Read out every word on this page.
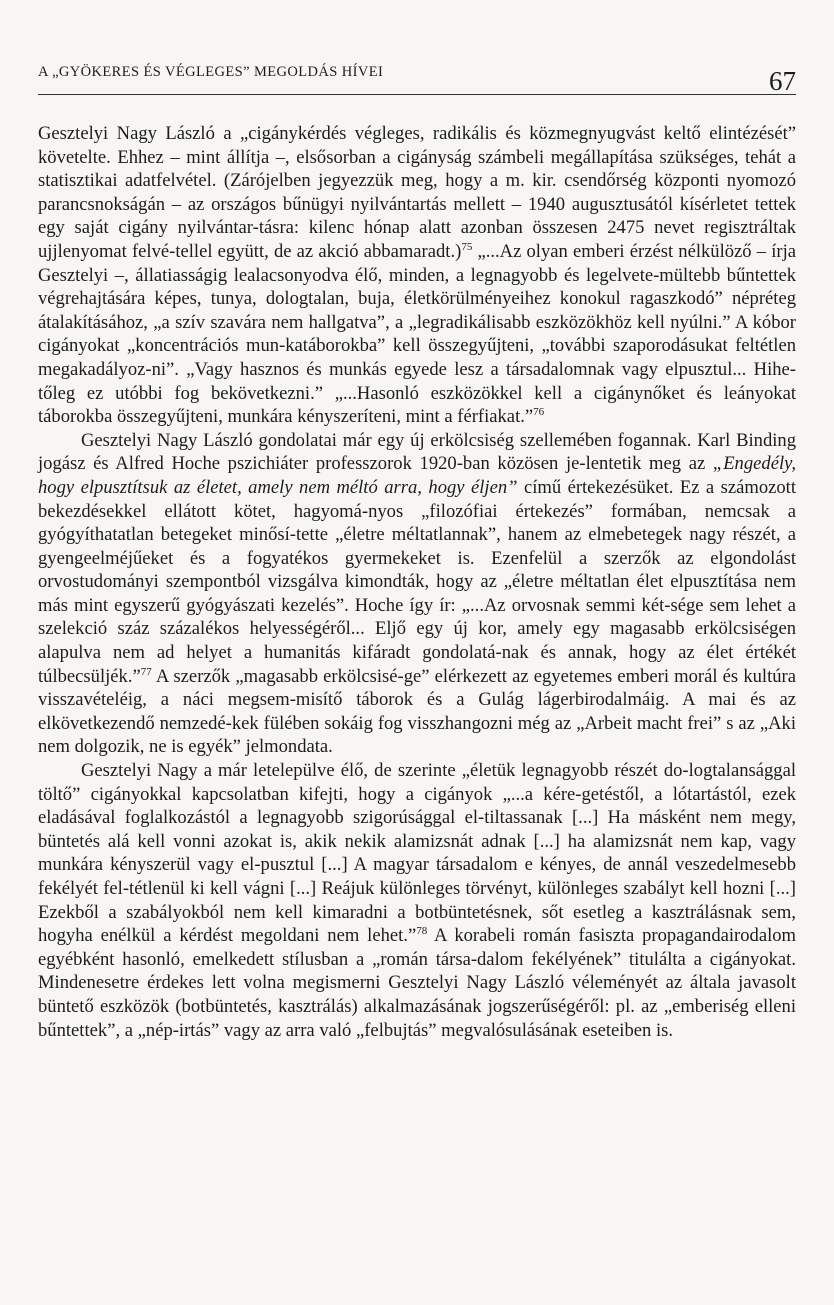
A „GYÖKERES ÉS VÉGLEGES” MEGOLDÁS HÍVEI	67

Gesztelyi Nagy László a „cigánykérdés végleges, radikális és közmegnyugvást keltő elintézését” követelte. Ehhez – mint állítja –, elsősorban a cigányság számbeli megállapítása szükséges, tehát a statisztikai adatfelvétel. (Zárójelben jegyezzük meg, hogy a m. kir. csendőrség központi nyomozó parancsnokságán – az országos bűnügyi nyilvántartás mellett – 1940 augusztusától kísérletet tettek egy saját cigány nyilvántar-tásra: kilenc hónap alatt azonban összesen 2475 nevet regisztráltak ujjlenyomat felvé-tellel együtt, de az akció abbamaradt.)$^{75}$ „...Az olyan emberi érzést nélkülöző – írja Gesztelyi –, állatiasságig lealacsonyodva élő, minden, a legnagyobb és legelvete-mültebb bűntettek végrehajtására képes, tunya, dologtalan, buja, életkörülményeihez konokul ragaszkodó” népréteg átalakításához, „a szív szavára nem hallgatva”, a „legradikálisabb eszközökhöz kell nyúlni.” A kóbor cigányokat „koncentrációs mun-katáborokba” kell összegyűjteni, „további szaporodásukat feltétlen megakadályoz-ni”. „Vagy hasznos és munkás egyede lesz a társadalomnak vagy elpusztul... Hihe-tőleg ez utóbbi fog bekövetkezni.” „...Hasonló eszközökkel kell a cigánynőket és leányokat táborokba összegyűjteni, munkára kényszeríteni, mint a férfiakat.”$^{76}$

Gesztelyi Nagy László gondolatai már egy új erkölcsiség szellemében fogannak. Karl Binding jogász és Alfred Hoche pszichiáter professzorok 1920-ban közösen je-lentetik meg az „Engedély, hogy elpusztítsuk az életet, amely nem méltó arra, hogy éljen” című értekezésüket. Ez a számozott bekezdésekkel ellátott kötet, hagyomá-nyos „filozófiai értekezés” formában, nemcsak a gyógyíthatatlan betegeket minősí-tette „életre méltatlannak”, hanem az elmebetegek nagy részét, a gyengeelméjűeket és a fogyatékos gyermekeket is. Ezenfelül a szerzők az elgondolást orvostudományi szempontból vizsgálva kimondták, hogy az „életre méltatlan élet elpusztítása nem más mint egyszerű gyógyászati kezelés”. Hoche így ír: „...Az orvosnak semmi két-sége sem lehet a szelekció száz százalékos helyességéről... Eljő egy új kor, amely egy magasabb erkölcsiségen alapulva nem ad helyet a humanitás kifáradt gondolatá-nak és annak, hogy az élet értékét túlbecsüljék.”$^{77}$ A szerzők „magasabb erkölcsisé-ge” elérkezett az egyetemes emberi morál és kultúra visszavételéig, a náci megsem-misítő táborok és a Gulág lágerbirodalmáig. A mai és az elkövetkezendő nemzedé-kek fülében sokáig fog visszhangozni még az „Arbeit macht frei” s az „Aki nem dolgozik, ne is egyék” jelmondata.

Gesztelyi Nagy a már letelepülve élő, de szerinte „életük legnagyobb részét do-logtalansággal töltő” cigányokkal kapcsolatban kifejti, hogy a cigányok „...a kére-getéstől, a lótartástól, ezek eladásával foglalkozástól a legnagyobb szigorúsággal el-tiltassanak [...] Ha másként nem megy, büntetés alá kell vonni azokat is, akik nekik alamizsnát adnak [...] ha alamizsnát nem kap, vagy munkára kényszerül vagy el-pusztul [...] A magyar társadalom e kényes, de annál veszedelmesebb fekélyét fel-tétlenül ki kell vágni [...] Reájuk különleges törvényt, különleges szabályt kell hozni [...] Ezekből a szabályokból nem kell kimaradni a botbüntetésnek, sőt esetleg a kasztrálásnak sem, hogyha enélkül a kérdést megoldani nem lehet.”$^{78}$ A korabeli román fasiszta propagandairodalom egyébként hasonló, emelkedett stílusban a „román társa-dalom fekélyének” titulálta a cigányokat. Mindenesetre érdekes lett volna megismerni Gesztelyi Nagy László véleményét az általa javasolt büntető eszközök (botbüntetés, kasztrálás) alkalmazásának jogszerűségéről: pl. az „emberiség elleni bűntettek”, a „nép-irtás” vagy az arra való „felbujtás” megvalósulásának eseteiben is.
